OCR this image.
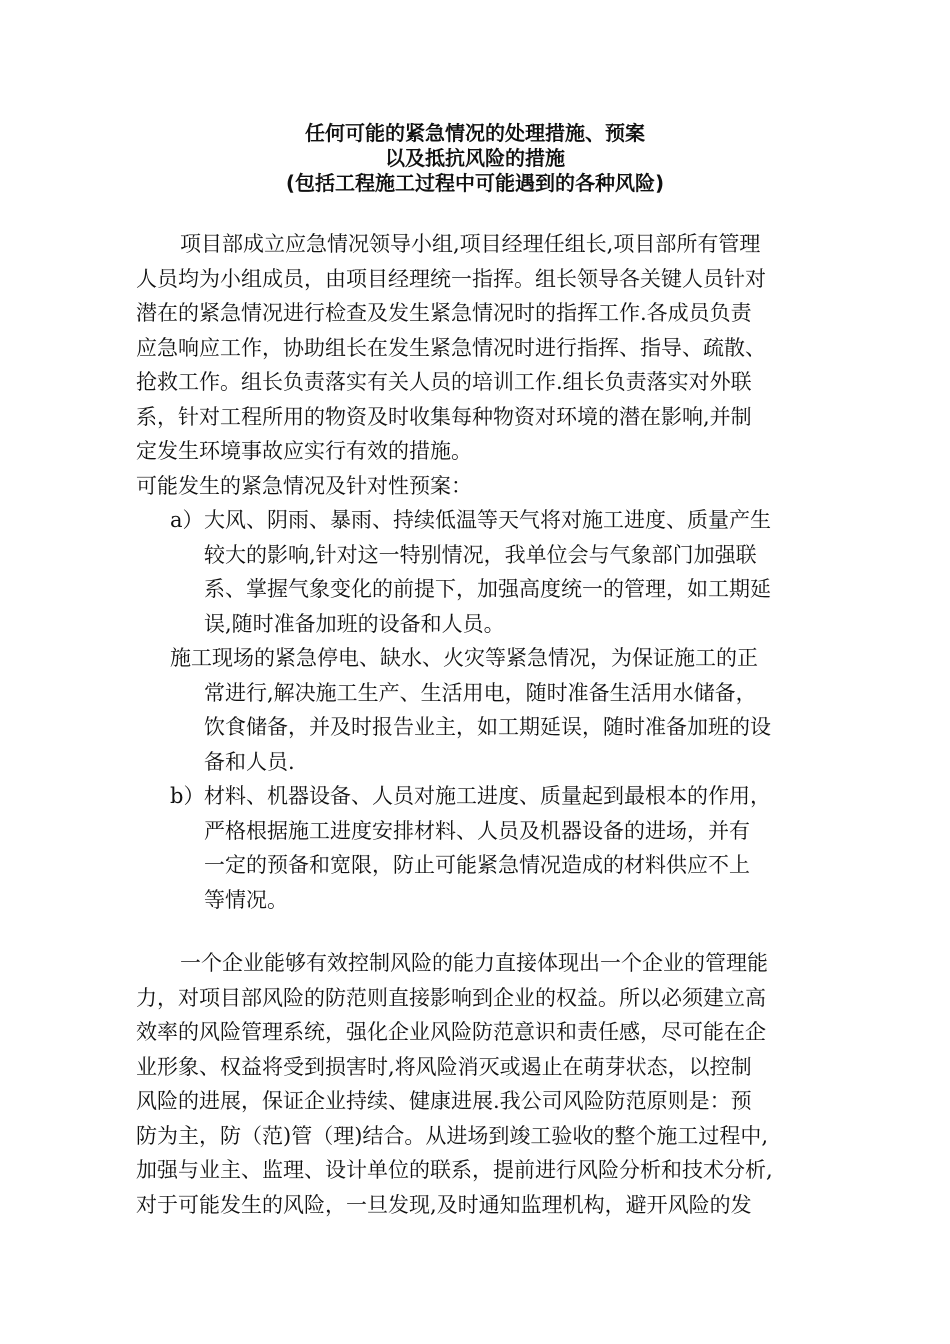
任何可能的紧急情况的处理措施、预案
以及抵抗风险的措施
(包括工程施工过程中可能遇到的各种风险)
项目部成立应急情况领导小组,项目经理任组长,项目部所有管理
人员均为小组成员，由项目经理统一指挥。组长领导各关键人员针对
潜在的紧急情况进行检查及发生紧急情况时的指挥工作.各成员负责
应急响应工作，协助组长在发生紧急情况时进行指挥、指导、疏散、
抢救工作。组长负责落实有关人员的培训工作.组长负责落实对外联
系，针对工程所用的物资及时收集每种物资对环境的潜在影响,并制
定发生环境事故应实行有效的措施。
可能发生的紧急情况及针对性预案：
a） 大风、阴雨、暴雨、持续低温等天气将对施工进度、质量产生
较大的影响,针对这一特别情况，我单位会与气象部门加强联
系、掌握气象变化的前提下，加强高度统一的管理，如工期延
误,随时准备加班的设备和人员。
施工现场的紧急停电、缺水、火灾等紧急情况，为保证施工的正
常进行,解决施工生产、生活用电，随时准备生活用水储备，
饮食储备，并及时报告业主，如工期延误，随时准备加班的设
备和人员.
b） 材料、机器设备、人员对施工进度、质量起到最根本的作用，
严格根据施工进度安排材料、人员及机器设备的进场，并有
一定的预备和宽限，防止可能紧急情况造成的材料供应不上
等情况。
一个企业能够有效控制风险的能力直接体现出一个企业的管理能
力，对项目部风险的防范则直接影响到企业的权益。所以必须建立高
效率的风险管理系统，强化企业风险防范意识和责任感，尽可能在企
业形象、权益将受到损害时,将风险消灭或遏止在萌芽状态，以控制
风险的进展，保证企业持续、健康进展.我公司风险防范原则是：预
防为主，防（范)管（理)结合。从进场到竣工验收的整个施工过程中,
加强与业主、监理、设计单位的联系，提前进行风险分析和技术分析,
对于可能发生的风险，一旦发现,及时通知监理机构，避开风险的发
